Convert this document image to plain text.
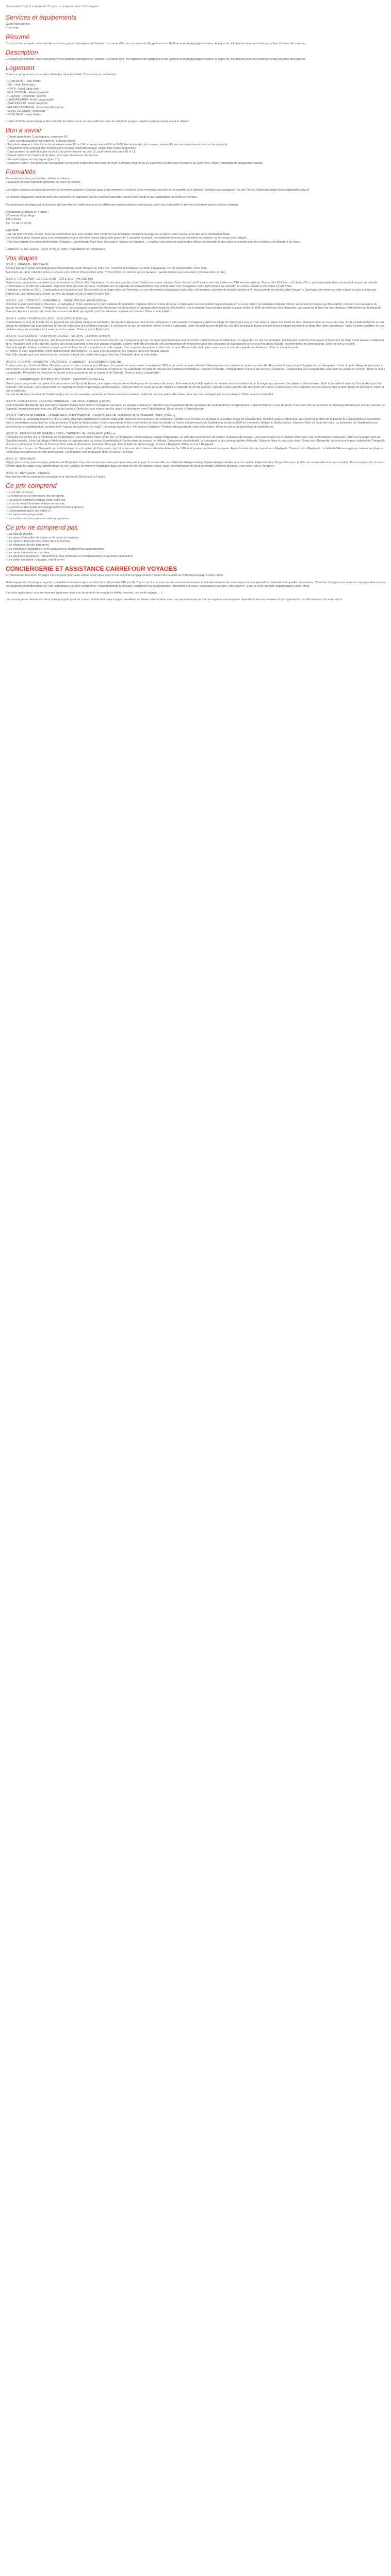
Description Ce prix comprend / Ce prix ne comprend pas Conciergerie
Services et équipements
Guide francophone
Concierge
Résumé

Ce circuit très complet, vous fera découvrir les grands classiques de l'Islande : Le cercle d'Or, les cascades de Skogafoss et de Gullfoss et leurs paysages lunaires, le lagon de Jokulsarlon avec ses icebergs et bien d'autres découvertes.

Description

Ce circuit très complet, vous fera découvrir les grands classiques de l'Islande : Le cercle d'Or, les cascades de Skogafoss et de Gullfoss et leurs paysages lunaires, le lagon de Jokulsarlon avec ses icebergs et bien d'autres découvertes.

Logement

Durant ce programme, vous serez hébergés dans les hôtels 3* suivants (ou similaires) :

- REYKJAVIK : Hotel Klettur
- VIK : Hotel Dyrhólaey
- HOFN : Hôtel Edda Höfn
- EGILSSTADIR : Hôtel Valaskjálf
- HUSAVIK : Fosshótel Húsavík
- LAUGARBAKKI : Hótel Laugarbakki
- ISAFJORDUR : Hótel Ísafjördur
- PATREKSFJORDUR : Fosshótel Westfjords
- SNAEFELLSNES : Arnarstapi
- REYKJAVIK : Hotel Klettur

L'ordre d'hôtels communiqué à titre indicatif, les hôtels vous seront confirmés dans le carnet de voyage transmis quelques jours avant le départ.

Bon à savoir
- Départ garanti dès 2 participants, maximum 30.
- Guide-accompagnateur francophone, autocar privatif.
- Transferts aéroport collectifs inclus si arrivée entre 15h et 16h et retour entre 7h30 et 8h30. En dehors de ces horaires, navette Flybus sans assistance (incluse dans le prix).
- Programme type pouvant être modifié selon certains impératifs locaux, néanmoins visites respectées.
- Dans pension du petit-déjeuner du jour 2 au petit-déjeuner du jour 12, sauf dîners des jours 10 et 11.
- Prévoir vêtements chauds et de pluie, ainsi que chaussures de marche.
- Serviette incluse au day lagoon (jour 11).
- Déjeuners libres : des points de restauration se trouvent à proximité des lieux de visite. Comptez environ 15-20 EUR pour un déjeuner et environ 30 EUR pour 2 plats. Possibilité de restauration rapide.
Formalités

Ressortissants français (adultes, bébés et enfants) :
Passeport ou carte nationale d'identité en cours de validité.

Les règles relatives au franchissement des frontières propres à chaque pays étant amenées à évoluer, il est vivement conseillé de se reporter à la rubrique "conseils aux voyageurs" du site France Diplomatie.https://www.diplomatie.gouv.fr/

Le mineurs voyageant seuls ou avec une personne ne disposant pas de l'autorité parentale doivent être munis d'une autorisation de sortie de territoire.

Ressortissants étrangers et binationaux devront être en conformité avec les différentes réglementations en vigueur, selon leur nationalité et devront s'informer auprès de leur consulat.

Ambassade d'Islande en France :
52 avenue Victor Hugo
75116 Paris
Tél : 01 44 17 32 85

A NOTER
- En cas d'un vol avec escale, nous vous informons que vous devrez être conforme aux formalités sanitaires du pays où se trouve votre escale ainsi que votre destination finale.
Les modalités pour chaque pays sont consultables sur le site https://www.diplomatie.gouv.fr/fr/. L'actualité évoluant très rapidement, nous vous invitons à consulter ce lien avant votre départ.
- Pour tout départ d'un aéroport frontalier (Belgique, Luxembourg, Pays-Bas, Allemagne, Suisse ou Espagne...), veuillez vous informer auprès des offices des ministères des pays concernés pour les conditions de départ et de retour.

COURANT ELECTRIQUE : 230V et 50Hz. Type F. Adaptateur non nécessaire.

Vos étapes
JOUR 1 : FRANCE - REYKJAVIK

Accueil par votre guide-accompagnateur francophone selon l'horaire de votre vol. Transfert et installation à l'hôtel à Reykjavik. Fin de journée libre. Dîner libre.
Transferts aéroport collectifs inclus si arrivée entre 15h et 16h et retour entre 7h30 et 8h30. En dehors de ces horaires, navette Flybus sans assistance (incluse dans le prix).

JOUR 2 : REYKJAVIK - CERCLE D'OR - CÔTE SUD - VIK (300 km)

Départ pour une journée complète à la découverte du Cercle d'Or. Exploration du site des geysers où le Strokkur émet une colonne d'eau chaude de 20 mètres de haut toutes les 7/10 minutes environ. Puis arrêt à Gullfoss, « la chute d'Or », qui se précipite dans un profond canyon de basalte. Promenade sur le site des cascades. Déjeuner libre en cours de route. Poursuite vers la cascade de Seljalandsfoss puis continuation vers Skogafoss, avec arrêt devant sa cascade. En soirée, arrivée à Vik. Dîner et nuit à Vik.
L'éruption a eu lieu en 2010. Continuation vers la pointe sud. Découverte de la plage noire de Reynisfjara et ses étonnantes géologiques naturelles, d'immenses colonnes de basalte qui forment une pyramide renversée. Arrêt devant le Dyrhólaey, un immense pilier massif de lave sombre qui s'élève sur 120 mètres dans la mer. Arrivée au village de Vik et dîner et nuit à Vik.

JOUR 3 : VIK - CÔTE SUD - SKAFTAFELL - JÖKULSARLON - HOFN (280 km)

Direction la plus grand glacier d'Europe, le Vatnajökull. Vous explorerez le parc national de Skaftafell. Déjeuner libre en cours de route. Continuation vers le célèbre lagon Jökulsárlón où vous verrez de lumineux icebergs dériver. Excursion en bateau au Jökulsárlón, croisière vers la lagune du glacier (environ 40 minutes). Pendant l'excursion, vous naviguerez parmi les immenses icebergs dans le paysage pittoresque de Jökulsárlón. Sur le bateau, vous pourrez goûter la glace vieille de 1000 ans et vous êtes chanceux, vous pourrez même voir des phoques. Arrêt photo sur la plage du Diamant. Après ce temps fort, visite des environs de Höfn qui signifie "port" en islandais, capitale du homard. Dîner et nuit à Höfn.

JOUR 4 : HOFN - FJORDS DE L'EST - EGILSSTADIR (250 km)

Continuation le long de la côte est en passant par des petits villages de pêcheurs, des fjords majestueux, des fermes éloignées et des massifs montagneux. Arrêt au village de Djúpivogur puis arrivée dans la région des fjords de l'Est. Déjeuner libre en cours de route. Arrêt à Fáskrúðsfjörður et son village de pêcheurs qui était autrefois un lieu de halte pour les pêcheurs français ; il est devenu un lieu de mémoire. Dîner et nuit à Egilsstadir. Visite du petit musée de pêche, une des principales bases des pêcheurs français travaillant au large des côtes islandaises. Visite du petit cimetière où des pêcheurs français et belges sont enterrés et du musée. Dîner et nuit à Egilsstadir.

JOUR 5 : EGILSSTADIR - CANYON STUDLAGIL - MYVATN - HUSAVIK (270 km)

Première arrêt à Stuðlagil Canyon, site récemment découvert. Les 2 et le travail sous les eaux jusqu'à ce qu'une centrale hydroélectrique soit construite, faisant baisser le débit d'eau et apparaître ce site remarquable. Continuation vers les montagnes et traversée de deux hauts plateaux. Déjeuner libre. Poursuite vers le lac Myvatn, un des lacs les plus grands et les plus chauds d'Islande. L'après-midi, découverte du site géothermique de Hverarönd, puis des solfatares du Námaskarð et des sources d'eau chaude, les fumerolles de Dimmuborgir. Dîner et nuit à Husavik.
Dimmuborgir (le château sombre) compte parmi les lieux les plus singuliers de cette région : il se compose de grottes et d'arches de lave. Pause à Husavik, plus connu sous le nom de capitale des baleines. Dîner et nuit à Husavik.
En option et avec supplément, sortie d'observation des baleines, où vous pourrez observer les cétacés dans leur habitat naturel.
Vers 20h, départ pour une soirée hors du commun à bord d'un voilier électrique. Une fois à Husavik, dîner à votre hôtel.

JOUR 6 : HUSAVIK - AKUREYRI - HAUGANES - GLAUMBÆR - LAUGARBAKKI (380 km)

Premier arrêt aux chutes de Dieu, Godafoss, pour ensuite continuer vers Akureyri, la capitale du nord, située à seulement 100 km du cercle arctique. Arrivée à Akureyri dans la matinée et rapide tour de ville. Remontée le long du fjord Eyjafjördur par Hauganes. Visite du petit village de pêcheurs et découverte de ses spas en plein air. Déjeuner libre en cours de route. Poursuite en direction de Glaumbær et visite du musée des traditions folkloriques, maisons en tourbe. Plongée dans l'histoire des fermes d'autrefois. Continuation vers Laugarbakki, puis arrêt au village en chemin. Dîner et nuit à Laugarbakki. Possibilité de découvrir le musée et les expositions sur la région et de l'Islande. Dîner et nuit à Laugarbakki.

JOUR 7 : LAUGARBAKKI - FJORDS DE L'OUEST - ISAFJORDUR (360 km)

Départ pour une journée complète à la découverte des fjords de l'ouest, une région inexplorée et idéale pour les amateurs de nature. Première arrêt à Hólmavík et son musée de la sorcellerie et de la magie, qui présente des objets et des histoires. Arrêt à Sudavík et visite du Centre Arctique des Renards. Sur la route, vous traverserez de magnifiques fjords et paysages spectaculaires. Déjeuner libre en cours de route. Arrivée à Isafjordur en fin de journée, capitale et plus grande ville des fjords de l'ouest. Continuation vers Isafjordur où vous découvrirez le petit village de pêcheurs. Dîner et nuit à Isafjordur.
Le coin de Hesteyri au-delà de l'Isafjördurdjúp est un lieu sauvage, préservé et classé monument naturel. Isafjordur est une petite ville située dans une baie protégée par les montagnes. Dîner et nuit à Isafjordur.

JOUR 8 : ISAFJORDUR - HRAFNSEYRARHEIDI - PATREKSFJORDUR (180 km)

Visite matinale d'Isafjordur qui jouit d'une situation idéale entre mer et montagnes abruptes. Le voyage continue en direction des magnifiques fjords sauvages de Onundarfjördur et Dýrafjördur. Déjeuner libre en cours de route. Poursuite vers la péninsule de Hrafnseyrarheidi puis vers la cascade de Dynjandi, impressionnante avec ses 100 m de hauteur. Arrêt pour une courte marche avant de poursuivre vers Patreksfjordur. Dîner et nuit à Patreksfjordur.

JOUR 9 : PATREKSFJORDUR - LÁTRABJARG - RAUDISANDUR - BRJANSLAEKUR - PENINSULE DE SNAEFELLSNES (250 km)

Premier arrêt à Látrabjarg, la point le plus à l'ouest d'Europe également un endroit idéal pour observer les macareux par centaines. Rendez-vous ensuite sur la plage à la couleur rouge de Raudisandur, dont les couleurs étonnent. Vous pourrez profiter de la beauté de Raudisandur et ses petites fées le permettent, avant d'arriver à Brjanslaekur. Départ de Brjanslaekur, vous emprunterez le ferry permettant de relier les fjords de l'ouest à la péninsule de Snæfellsnes (environ 2h30 de traversée). Arrivée à Stykkishólmur. Déjeuner libre en cours de route. La péninsule de Snæfellsnes est dominée par le Snæfellsjökull, surnommé le "volcan au capuchon de neige", un volcan glacier de 1 446 mètres d'altitude. Première découverte de cette belle région. Dîner et nuit sur la péninsule de Snæfellsnes.

JOUR 10 : PENINSULE DE SNÆFELLSNES - THINGVELLIR - REYKJAVIK (340 km)

Poursuite des visites sur la péninsule de Snæfellsnes. Une très belle route, entre mer et montagnes, mène jusqu'au village d'Arnarstapi, un adorable port entouré de roches et falaises de basalte. Une promenade sur le chemin côtier pour voir les formations rocheuses. Arrêt sur la plage noire de Djúpalónssandur. Visite du village d'Hellissandur et passage près du volcan Snæfellsjökull. Continuation au musée de Hellnar. Découverte des Kirkjufell, la montagne la plus photographiée d'Islande. Déjeuner libre en cours de route. Route vers Thingvellir où se trouve le parc national de Thingvellir, classé au patrimoine mondial de l'Unesco. Puis visite du Parlement islandais. Passage dans la faille de l'Almannagjá. Arrivée à Reykjavik. Dîner et nuit à Reykjavik.
Poursuite vers le parc de Thingvellir qui a été le siège du « le vallée du Parlement » qui fut le berceau de la démocratie islandaise en l'an 930 et le premier parlement européen. Après la visite du site, départ vers Reykjavik. Dîner et nuit à Reykjavik. La faille de l'Almannagjá, qui sépare les plaques tectoniques eurasiennes et nord-américaines. Continuation vers Reykjavik, dîner et nuit à Reykjavik.

JOUR 11 : REYKJAVIK

Départ pour un tour panoramique pédestre de Reykjavik. Vous découvrirez les sites principaux tels que le port, le centre-ville, la cathédrale Hallgrímskirkja, l'église Hallgrímskirkja sera très visitée. Déjeuner libre. Temps libre pour profiter en centre-ville et de ses activités. Dans l'après-midi, moment détente dans les bains d'eau géothermale du Sky Lagoon, un moment inoubliable dans un décor de film de science-fiction, avec une impression de bout du monde (serviette incluse). Dîner libre. Nuit à Reykjavik.

JOUR 12 : REYKJAVIK - FRANCE

Transfert privatif ou navette non privative vers l'aéroport. Envol pour la France.

Ce prix comprend
- Le vol aller et retour,
- Le forfait taxes et redevances des aéroports,
- L'accueil à l'aéroport d'arrivée selon votre vol,
- Le circuit selon l'itinéraire indiqué en autocar,
- La présence d'un guide accompagnateur local francophone,
- L'hébergement dans des hôtels 3*,
- Les repas selon programme,
- Les entrées et visites prévues selon programme.
Ce prix ne comprend pas
- Les frais de dossier,
- Les taxes éventuelles de séjour et de sortie du territoire,
- Les repas et boissons non inclus dans la formule,
- Les dépenses d'ordre personnel,
- Les excursions facultatives, et les activités non mentionnées au programme,
- Les repas éventuels aux escales,
- Les garanties assistance, rapatriement, frais médicaux et d'hospitalisation, et garanties annulation,
- Les petits-annulation, bagages, retard aérien.
CONCIERGERIE ET ASSISTANCE CARREFOUR VOYAGES

En choisissant Carrefour Voyages Conciergerie pour votre séjour, vous optez pour un service d'accompagnement complet dès la veille de votre départ jusqu'à votre retour.

Notre équipe de concierges, experte, précipitée et humaine (pas de robot !) est disponible 24h sur 24, 7 jours sur 7 et à votre écoute exclusivement pour le bon déroulement de votre séjour et vous garantit la réactivité et la qualité nécessaires. Carrefour Voyages pour vous accompagne dans toutes les situations (enregistrement de vols, demandes sur votre programme, renseignements & conseils, assistance sur les problèmes rencontrés sur place, réservation d'activités, conciergerie...) dès la veille de votre départ jusqu'à votre retour.

Via notre application, vous retrouverez également tous vos documents de voyage (e-billets, voucher, carnet de voyage, ...).

Les conciergeries deviennent alors votre principal point de contact durant tout votre voyage, travaillant en étroite collaboration avec nos partenaires locaux et nos équipes internes pour répondre à tout vos besoins et ainsi garantir le bon déroulement de votre séjour.
